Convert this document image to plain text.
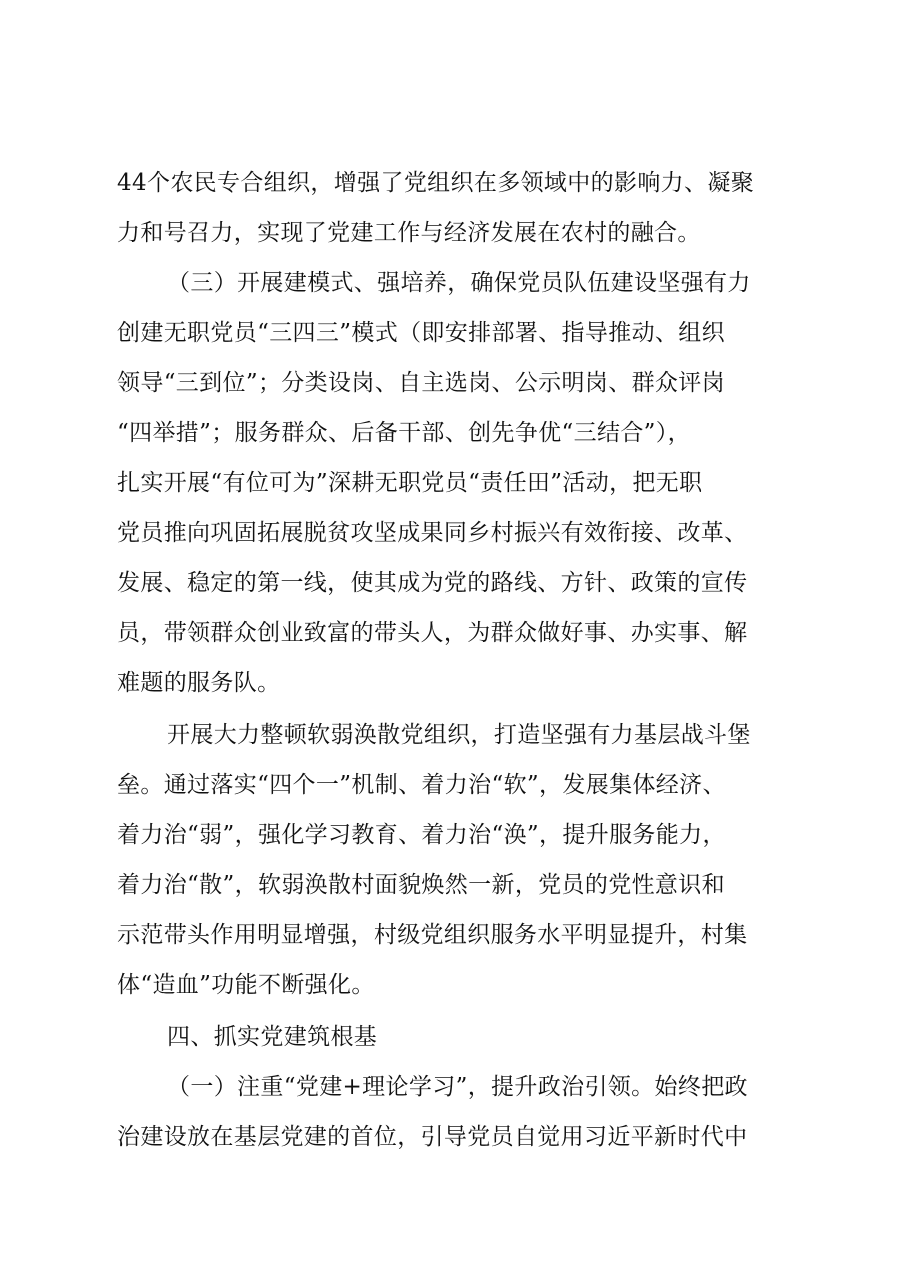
44个农民专合组织，增强了党组织在多领域中的影响力、凝聚
力和号召力，实现了党建工作与经济发展在农村的融合。
（三）开展建模式、强培养，确保党员队伍建设坚强有力
创建无职党员“三四三”模式（即安排部署、指导推动、组织
领导“三到位”；分类设岗、自主选岗、公示明岗、群众评岗
“四举措”；服务群众、后备干部、创先争优“三结合”），
扎实开展“有位可为”深耕无职党员“责任田”活动，把无职
党员推向巩固拓展脱贫攻坚成果同乡村振兴有效衔接、改革、
发展、稳定的第一线，使其成为党的路线、方针、政策的宣传
员，带领群众创业致富的带头人，为群众做好事、办实事、解
难题的服务队。
开展大力整顿软弱涣散党组织，打造坚强有力基层战斗堡
垒。通过落实“四个一”机制、着力治“软”，发展集体经济、
着力治“弱”，强化学习教育、着力治“涣”，提升服务能力，
着力治“散”，软弱涣散村面貌焕然一新，党员的党性意识和
示范带头作用明显增强，村级党组织服务水平明显提升，村集
体“造血”功能不断强化。
四、抓实党建筑根基
（一）注重“党建+理论学习”，提升政治引领。始终把政
治建设放在基层党建的首位，引导党员自觉用习近平新时代中
